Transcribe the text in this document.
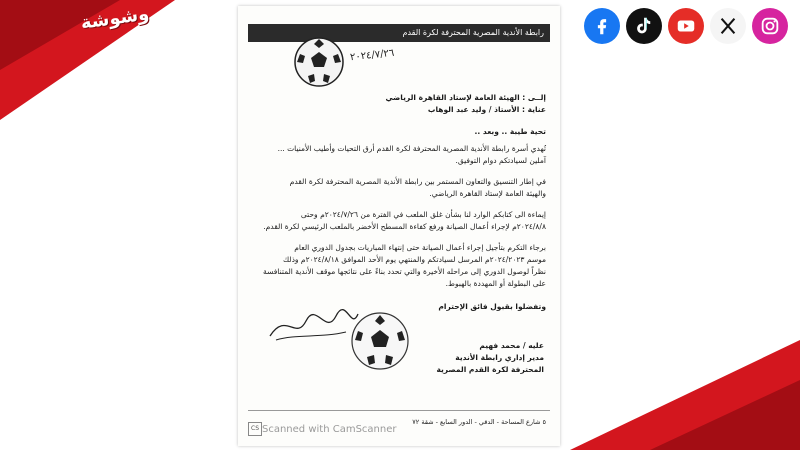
وشوشة	رابطة الأندية المصرية المحترفة لكرة القدم
٢٠٢٤/٧/٢٦
إلــى : الهيئة العامة لإستاد القاهرة الرياضي
عناية : الأستاذ / وليد عبد الوهاب
تحية طيبة .. وبعد ..
تُهدي أسرة رابطة الأندية المصرية المحترفة لكرة القدم أرق التحيات وأطيب الأمنيات ...
آملين لسيادتكم دوام التوفيق.
في إطار التنسيق والتعاون المستمر بين رابطة الأندية المصرية المحترفة لكرة القدم
والهيئة العامة لإستاد القاهرة الرياضي.
إيماءة الى كتابكم الوارد لنا بشأن غلق الملعب في الفترة من ٢٠٢٤/٧/٢٦م وحتى
٢٠٢٤/٨/٨م لإجراء أعمال الصيانة ورفع كفاءة المسطح الأخضر بالملعب الرئيسي لكرة القدم.
برجاء التكرم بتأجيل إجراء أعمال الصيانة حتى إنتهاء المباريات بجدول الدوري العام
موسم ٢٠٢٤/٢٠٢٣م المرسل لسيادتكم والمنتهي يوم الأحد الموافق ٢٠٢٤/٨/١٨م وذلك
نظراً لوصول الدوري إلى مراحله الأخيرة والتي تحدد بناءً على نتائجها موقف الأندية المتنافسة
على البطولة أو المهددة بالهبوط.
وتفضلوا بقبول فائق الإحترام
عليه / محمد فهيم
مدير إداري رابطة الأندية
المحترفة لكرة القدم المصرية
٥ شارع المساحة - الدقي - الدور السابع - شقة ٧٢
CS Scanned with CamScanner
